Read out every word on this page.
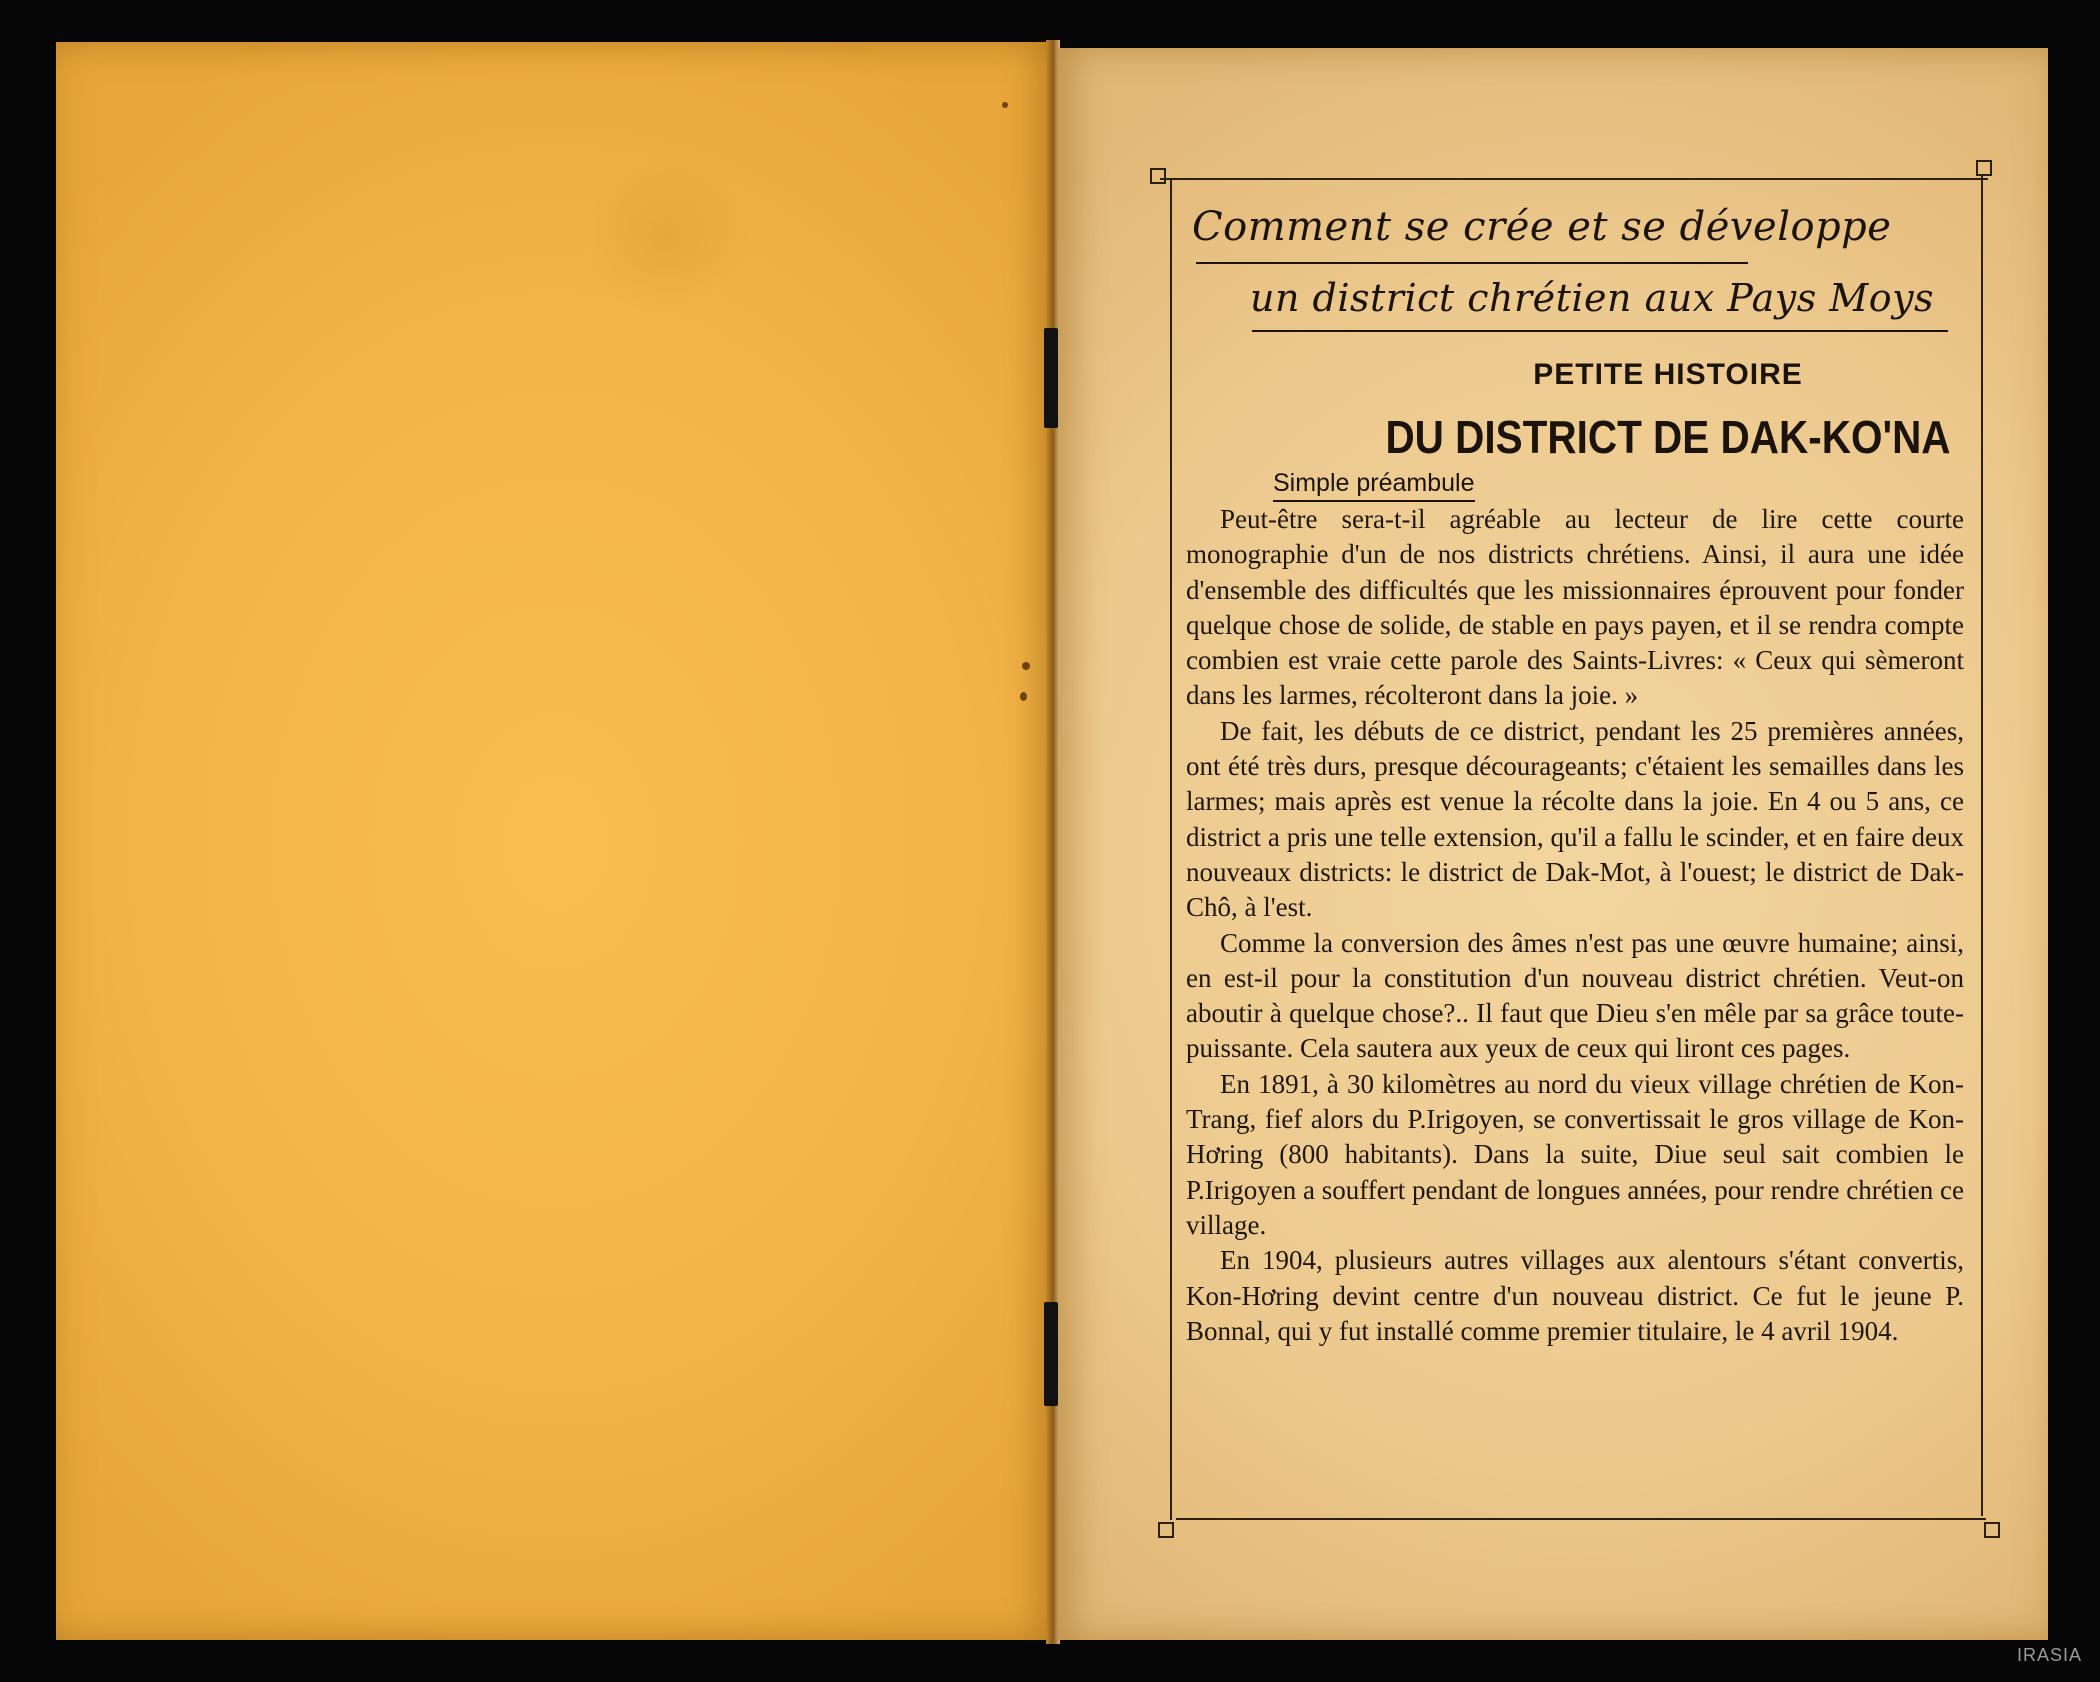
Comment se crée et se développe
un district chrétien aux Pays Moys
PETITE HISTOIRE
DU DISTRICT DE DAK-KO'NA
Simple préambule

Peut-être sera-t-il agréable au lecteur de lire cette courte monographie d'un de nos districts chrétiens. Ainsi, il aura une idée d'ensemble des difficultés que les missionnaires éprouvent pour fonder quelque chose de solide, de stable en pays payen, et il se rendra compte combien est vraie cette parole des Saints-Livres: « Ceux qui sèmeront dans les larmes, récolteront dans la joie. »

De fait, les débuts de ce district, pendant les 25 premières années, ont été très durs, presque décourageants; c'étaient les semailles dans les larmes; mais après est venue la récolte dans la joie. En 4 ou 5 ans, ce district a pris une telle extension, qu'il a fallu le scinder, et en faire deux nouveaux districts: le district de Dak-Mot, à l'ouest; le district de Dak-Chô, à l'est.

Comme la conversion des âmes n'est pas une œuvre humaine; ainsi, en est-il pour la constitution d'un nouveau district chrétien. Veut-on aboutir à quelque chose?.. Il faut que Dieu s'en mêle par sa grâce toute-puissante. Cela sautera aux yeux de ceux qui liront ces pages.

En 1891, à 30 kilomètres au nord du vieux village chrétien de Kon-Trang, fief alors du P.Irigoyen, se convertissait le gros village de Kon-Hơring (800 habitants). Dans la suite, Diue seul sait combien le P.Irigoyen a souffert pendant de longues années, pour rendre chrétien ce village.

En 1904, plusieurs autres villages aux alentours s'étant convertis, Kon-Hơring devint centre d'un nouveau district. Ce fut le jeune P. Bonnal, qui y fut installé comme premier titulaire, le 4 avril 1904.

IRASIA
